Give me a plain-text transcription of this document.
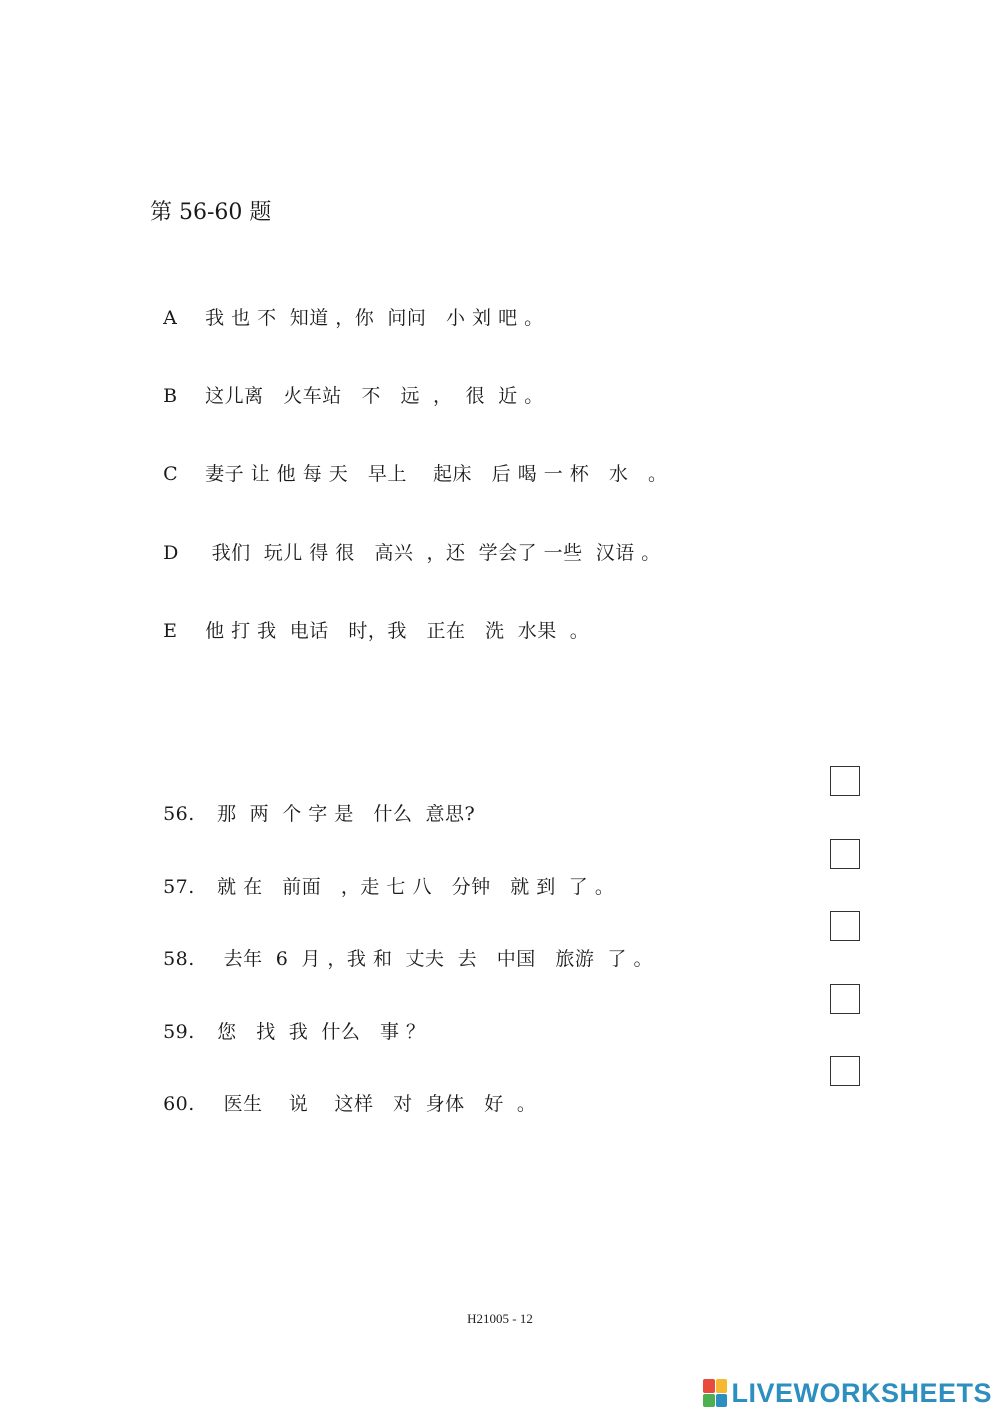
第 56-60 题

A 我 也 不  知道 ，你  问问   小 刘 吧 。

B 这儿离   火车站   不   远  ，  很  近 。

C 妻子 让 他 每 天   早上    起床   后 喝 一 杯   水   。

D 我们  玩儿 得 很   高兴  ，还  学会了 一些  汉语 。

E 他 打 我  电话   时，我   正在   洗  水果  。

56. 那  两  个 字 是   什么  意思?

57. 就 在   前面   ，走 七 八   分钟   就 到  了 。

58. 去年  6  月 ，我 和  丈夫  去   中国   旅游  了 。

59. 您   找  我  什么   事 ？

60. 医生    说    这样   对  身体   好  。

H21005 - 12
LIVEWORKSHEETS
